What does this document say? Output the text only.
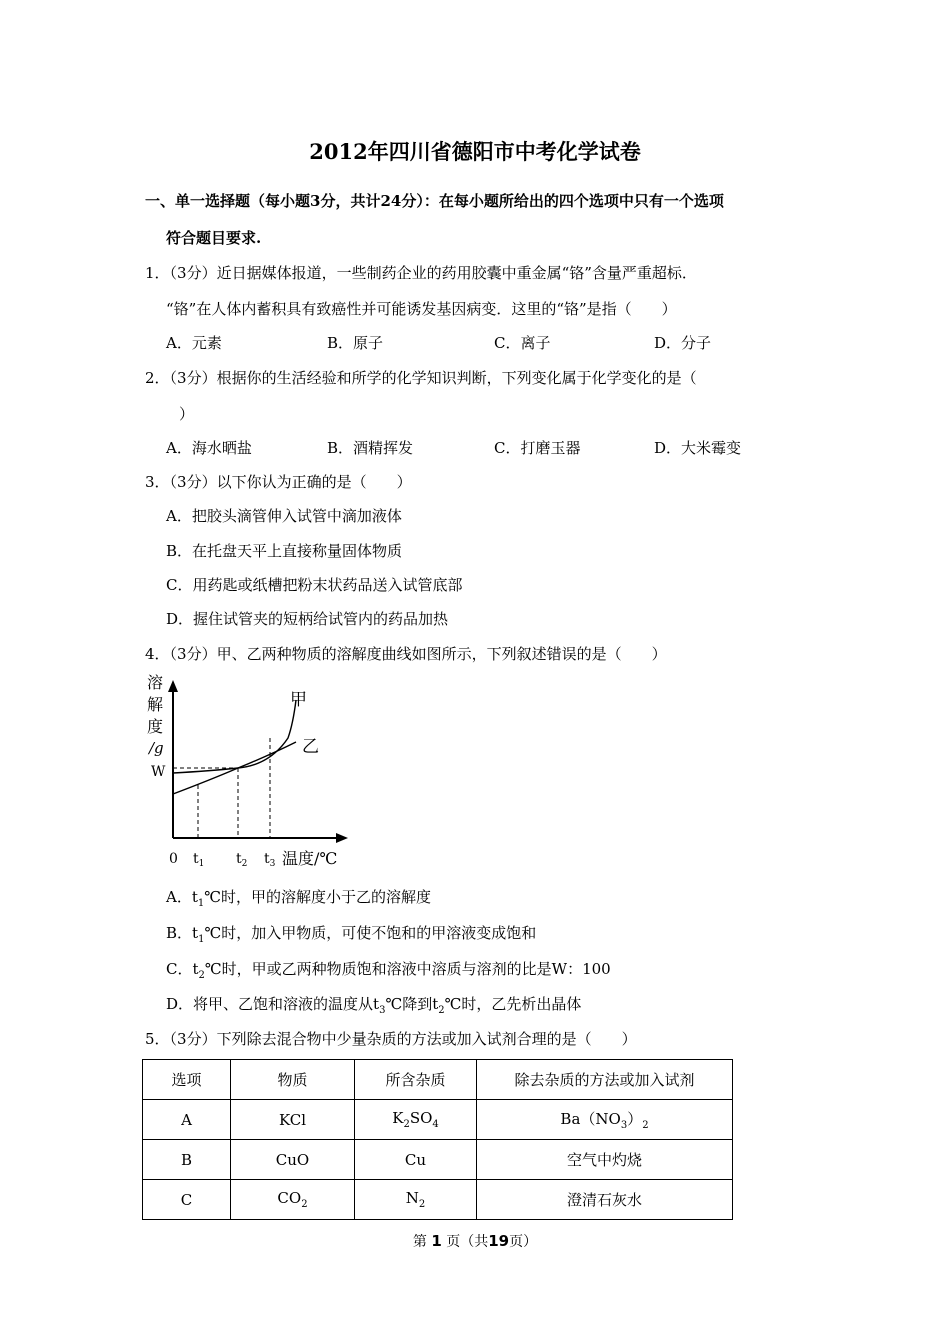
2012年四川省德阳市中考化学试卷
一、单一选择题（每小题3分，共计24分）：在每小题所给出的四个选项中只有一个选项
符合题目要求.
1．（3分）近日据媒体报道，一些制药企业的药用胶囊中重金属“铬”含量严重超标．
“铬”在人体内蓄积具有致癌性并可能诱发基因病变．这里的“铬”是指（　　）
A．元素	B．原子	C．离子	D．分子
2．（3分）根据你的生活经验和所学的化学知识判断，下列变化属于化学变化的是（
）
A．海水晒盐	B．酒精挥发	C．打磨玉器	D．大米霉变
3．（3分）以下你认为正确的是（　　）
A．把胶头滴管伸入试管中滴加液体
B．在托盘天平上直接称量固体物质
C．用药匙或纸槽把粉末状药品送入试管底部
D．握住试管夹的短柄给试管内的药品加热
4．（3分）甲、乙两种物质的溶解度曲线如图所示，下列叙述错误的是（　　）
溶
解
度
/g
W
甲
乙
0 $t_1$ $t_2$ $t_3$ 温度/℃
A．$t_1℃$时，甲的溶解度小于乙的溶解度
B．$t_1℃$时，加入甲物质，可使不饱和的甲溶液变成饱和
C．$t_2℃$时，甲或乙两种物质饱和溶液中溶质与溶剂的比是W：100
D．将甲、乙饱和溶液的温度从$t_3℃$降到$t_2℃$时，乙先析出晶体
5．（3分）下列除去混合物中少量杂质的方法或加入试剂合理的是（　　）
选项	物质	所含杂质	除去杂质的方法或加入试剂
A	KCl	$K_2SO_4$	$Ba(NO_3)_2$
B	CuO	Cu	空气中灼烧
C	$CO_2$	$N_2$	澄清石灰水
第 1 页（共19页）
